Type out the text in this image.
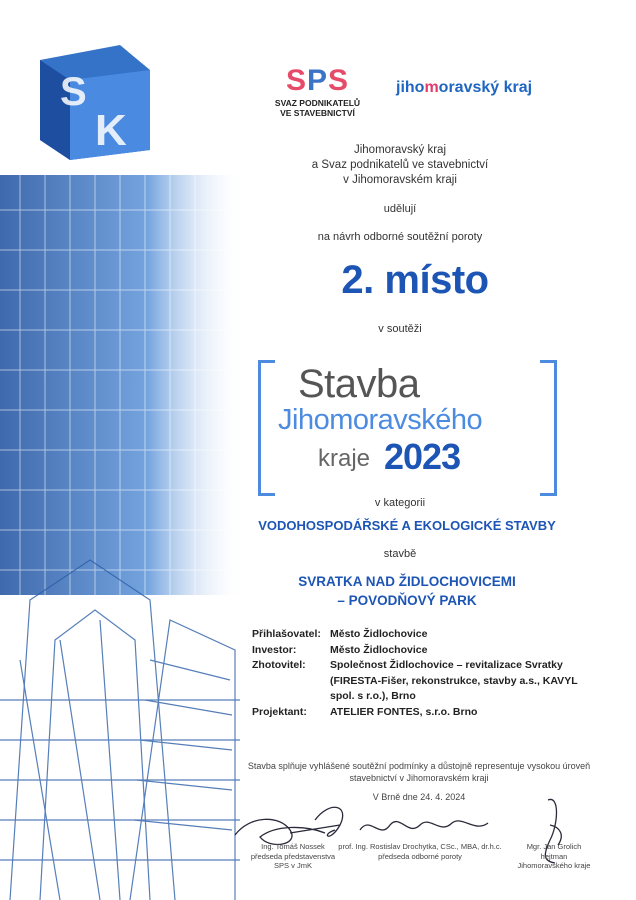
S
K
SPS
SVAZ PODNIKATELŮ
VE STAVEBNICTVÍ
jihomoravský kraj
Jihomoravský kraj
a Svaz podnikatelů ve stavebnictví
v Jihomoravském kraji
udělují
na návrh odborné soutěžní poroty
2. místo
v soutěži
Stavba
Jihomoravského
kraje 2023
v kategorii
VODOHOSPODÁŘSKÉ A EKOLOGICKÉ STAVBY
stavbě
SVRATKA NAD ŽIDLOCHOVICEMI
– POVODŇOVÝ PARK
Přihlašovatel: Město Židlochovice
Investor:	Město Židlochovice
Zhotovitel:	Společnost Židlochovice – revitalizace Svratky (FIRESTA-Fišer, rekonstrukce, stavby a.s., KAVYL spol. s r.o.), Brno
Projektant:	ATELIER FONTES, s.r.o. Brno
Stavba splňuje vyhlášené soutěžní podmínky a důstojně representuje vysokou úroveň
stavebnictví v Jihomoravském kraji
V Brně dne 24. 4. 2024
Ing. Tomáš Nossek
předseda představenstva
SPS v JmK
prof. Ing. Rostislav Drochytka, CSc., MBA, dr.h.c.
předseda odborné poroty
Mgr. Jan Grolich
hejtman
Jihomoravského kraje
